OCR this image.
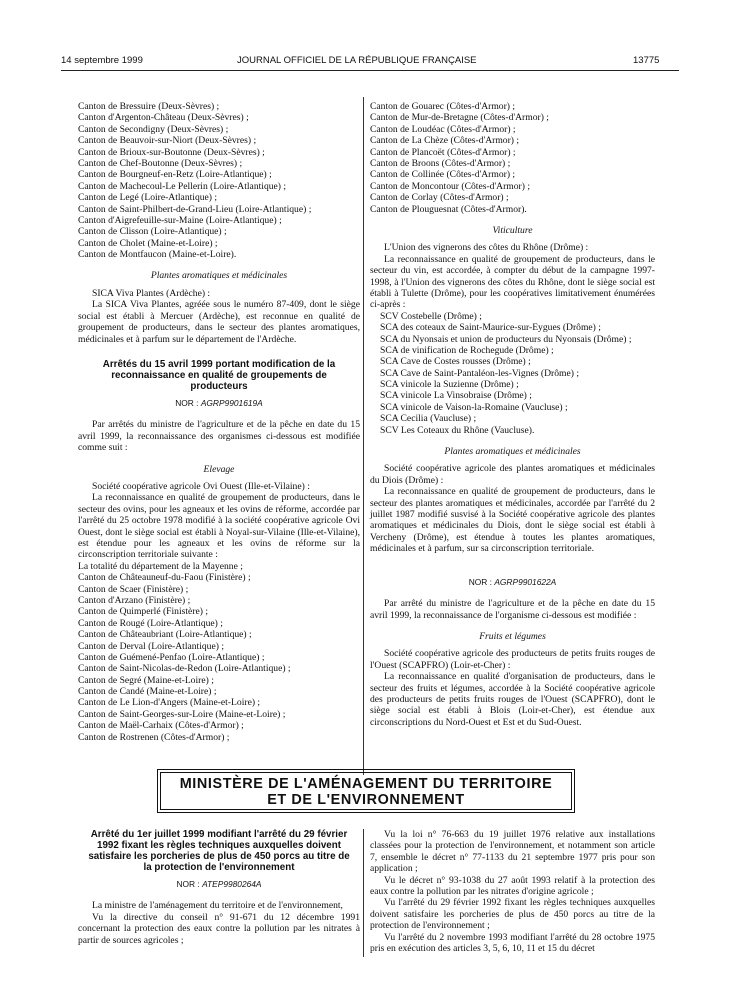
14 septembre 1999	JOURNAL OFFICIEL DE LA RÉPUBLIQUE FRANÇAISE	13775
Canton de Bressuire (Deux-Sèvres) ;
Canton d'Argenton-Château (Deux-Sèvres) ;
Canton de Secondigny (Deux-Sèvres) ;
Canton de Beauvoir-sur-Niort (Deux-Sèvres) ;
Canton de Brioux-sur-Boutonne (Deux-Sèvres) ;
Canton de Chef-Boutonne (Deux-Sèvres) ;
Canton de Bourgneuf-en-Retz (Loire-Atlantique) ;
Canton de Machecoul-Le Pellerin (Loire-Atlantique) ;
Canton de Legé (Loire-Atlantique) ;
Canton de Saint-Philbert-de-Grand-Lieu (Loire-Atlantique) ;
Canton d'Aigrefeuille-sur-Maine (Loire-Atlantique) ;
Canton de Clisson (Loire-Atlantique) ;
Canton de Cholet (Maine-et-Loire) ;
Canton de Montfaucon (Maine-et-Loire).
Plantes aromatiques et médicinales

SICA Viva Plantes (Ardèche) :

La SICA Viva Plantes, agréée sous le numéro 87-409, dont le siège social est établi à Mercuer (Ardèche), est reconnue en qualité de groupement de producteurs, dans le secteur des plantes aromatiques, médicinales et à parfum sur le département de l'Ardèche.

Arrêtés du 15 avril 1999 portant modification de la reconnaissance en qualité de groupements de producteurs
NOR : AGRP9901619A

Par arrêtés du ministre de l'agriculture et de la pêche en date du 15 avril 1999, la reconnaissance des organismes ci-dessous est modifiée comme suit :

Elevage

Société coopérative agricole Ovi Ouest (Ille-et-Vilaine) :

La reconnaissance en qualité de groupement de producteurs, dans le secteur des ovins, pour les agneaux et les ovins de réforme, accordée par l'arrêté du 25 octobre 1978 modifié à la société coopérative agricole Ovi Ouest, dont le siège social est établi à Noyal-sur-Vilaine (Ille-et-Vilaine), est étendue pour les agneaux et les ovins de réforme sur la circonscription territoriale suivante :

La totalité du département de la Mayenne ;
Canton de Châteauneuf-du-Faou (Finistère) ;
Canton de Scaer (Finistère) ;
Canton d'Arzano (Finistère) ;
Canton de Quimperlé (Finistère) ;
Canton de Rougé (Loire-Atlantique) ;
Canton de Châteaubriant (Loire-Atlantique) ;
Canton de Derval (Loire-Atlantique) ;
Canton de Guémené-Penfao (Loire-Atlantique) ;
Canton de Saint-Nicolas-de-Redon (Loire-Atlantique) ;
Canton de Segré (Maine-et-Loire) ;
Canton de Candé (Maine-et-Loire) ;
Canton de Le Lion-d'Angers (Maine-et-Loire) ;
Canton de Saint-Georges-sur-Loire (Maine-et-Loire) ;
Canton de Maël-Carhaix (Côtes-d'Armor) ;
Canton de Rostrenen (Côtes-d'Armor) ;
Canton de Gouarec (Côtes-d'Armor) ;
Canton de Mur-de-Bretagne (Côtes-d'Armor) ;
Canton de Loudéac (Côtes-d'Armor) ;
Canton de La Chèze (Côtes-d'Armor) ;
Canton de Plancoët (Côtes-d'Armor) ;
Canton de Broons (Côtes-d'Armor) ;
Canton de Collinée (Côtes-d'Armor) ;
Canton de Moncontour (Côtes-d'Armor) ;
Canton de Corlay (Côtes-d'Armor) ;
Canton de Plouguesnat (Côtes-d'Armor).
Viticulture

L'Union des vignerons des côtes du Rhône (Drôme) :

La reconnaissance en qualité de groupement de producteurs, dans le secteur du vin, est accordée, à compter du début de la campagne 1997-1998, à l'Union des vignerons des côtes du Rhône, dont le siège social est établi à Tulette (Drôme), pour les coopératives limitativement énumérées ci-après :

SCV Costebelle (Drôme) ;
SCA des coteaux de Saint-Maurice-sur-Eygues (Drôme) ;
SCA du Nyonsais et union de producteurs du Nyonsais (Drôme) ;
SCA de vinification de Rochegude (Drôme) ;
SCA Cave de Costes rousses (Drôme) ;
SCA Cave de Saint-Pantaléon-les-Vignes (Drôme) ;
SCA vinicole la Suzienne (Drôme) ;
SCA vinicole La Vinsobraise (Drôme) ;
SCA vinicole de Vaison-la-Romaine (Vaucluse) ;
SCA Cecilia (Vaucluse) ;
SCV Les Coteaux du Rhône (Vaucluse).
Plantes aromatiques et médicinales

Société coopérative agricole des plantes aromatiques et médicinales du Diois (Drôme) :

La reconnaissance en qualité de groupement de producteurs, dans le secteur des plantes aromatiques et médicinales, accordée par l'arrêté du 2 juillet 1987 modifié susvisé à la Société coopérative agricole des plantes aromatiques et médicinales du Diois, dont le siège social est établi à Vercheny (Drôme), est étendue à toutes les plantes aromatiques, médicinales et à parfum, sur sa circonscription territoriale.

NOR : AGRP9901622A

Par arrêté du ministre de l'agriculture et de la pêche en date du 15 avril 1999, la reconnaissance de l'organisme ci-dessous est modifiée :

Fruits et légumes

Société coopérative agricole des producteurs de petits fruits rouges de l'Ouest (SCAPFRO) (Loir-et-Cher) :

La reconnaissance en qualité d'organisation de producteurs, dans le secteur des fruits et légumes, accordée à la Société coopérative agricole des producteurs de petits fruits rouges de l'Ouest (SCAPFRO), dont le siège social est établi à Blois (Loir-et-Cher), est étendue aux circonscriptions du Nord-Ouest et Est et du Sud-Ouest.

MINISTÈRE DE L'AMÉNAGEMENT DU TERRITOIRE
ET DE L'ENVIRONNEMENT
Arrêté du 1er juillet 1999 modifiant l'arrêté du 29 février 1992 fixant les règles techniques auxquelles doivent satisfaire les porcheries de plus de 450 porcs au titre de la protection de l'environnement
NOR : ATEP9980264A

La ministre de l'aménagement du territoire et de l'environnement,

Vu la directive du conseil n° 91-671 du 12 décembre 1991 concernant la protection des eaux contre la pollution par les nitrates à partir de sources agricoles ;

Vu la loi n° 76-663 du 19 juillet 1976 relative aux installations classées pour la protection de l'environnement, et notamment son article 7, ensemble le décret n° 77-1133 du 21 septembre 1977 pris pour son application ;

Vu le décret n° 93-1038 du 27 août 1993 relatif à la protection des eaux contre la pollution par les nitrates d'origine agricole ;

Vu l'arrêté du 29 février 1992 fixant les règles techniques auxquelles doivent satisfaire les porcheries de plus de 450 porcs au titre de la protection de l'environnement ;

Vu l'arrêté du 2 novembre 1993 modifiant l'arrêté du 28 octobre 1975 pris en exécution des articles 3, 5, 6, 10, 11 et 15 du décret
